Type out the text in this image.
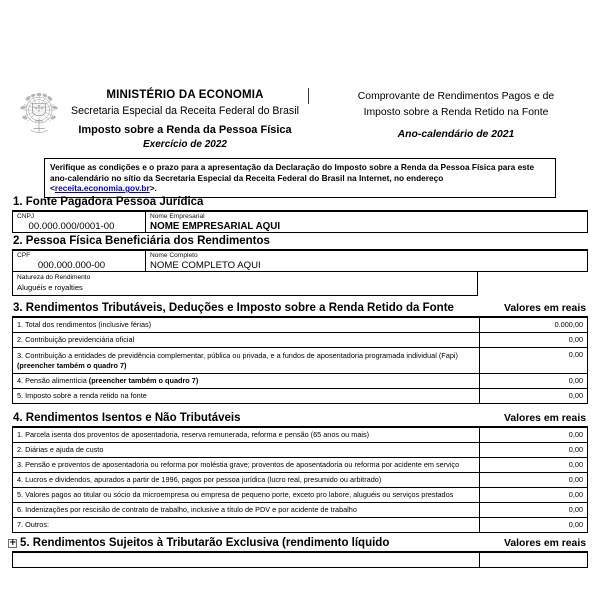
MINISTÉRIO DA ECONOMIA
Secretaria Especial da Receita Federal do Brasil
Imposto sobre a Renda da Pessoa Física
Exercício de 2022
Comprovante de Rendimentos Pagos e de
Imposto sobre a Renda Retido na Fonte
Ano-calendário de 2021
Verifique as condições e o prazo para a apresentação da Declaração do Imposto sobre a Renda da Pessoa Física para este ano-calendário no sítio da Secretaria Especial da Receita Federal do Brasil na Internet, no endereço <receita.economia.gov.br>.
1. Fonte Pagadora Pessoa Jurídica
CNPJ
00.000.000/0001-00
Nome Empresarial
NOME EMPRESARIAL AQUI
2. Pessoa Física Beneficiária dos Rendimentos
CPF
000.000.000-00
Nome Completo
NOME COMPLETO AQUI
Natureza do Rendimento
Aluguéis e royalties
3. Rendimentos Tributáveis, Deduções e Imposto sobre a Renda Retido da Fonte	Valores em reais
1. Total dos rendimentos (inclusive férias)	0.000,00
2. Contribuição previdenciária oficial	0,00
3. Contribuição a entidades de previdência complementar, pública ou privada, e a fundos de aposentadoria programada individual (Fapi)
(preencher também o quadro 7)	0,00
4. Pensão alimentícia (preencher também o quadro 7)	0,00
5. Imposto sobre a renda retido na fonte	0,00
4. Rendimentos Isentos e Não Tributáveis	Valores em reais
1. Parcela isenta dos proventos de aposentadoria, reserva remunerada, reforma e pensão (65 anos ou mais)	0,00
2. Diárias e ajuda de custo	0,00
3. Pensão e proventos de aposentadoria ou reforma por moléstia grave; proventos de aposentadoria ou reforma por acidente em serviço	0,00
4. Lucros e dividendos, apurados a partir de 1996, pagos por pessoa jurídica (lucro real, presumido ou arbitrado)	0,00
5. Valores pagos ao titular ou sócio da microempresa ou empresa de pequeno porte, exceto pro labore, aluguéis ou serviços prestados	0,00
6. Indenizações por rescisão de contrato de trabalho, inclusive a título de PDV e por acidente de trabalho	0,00
7. Outros:	0,00
+ 5. Rendimentos Sujeitos à Tributarão Exclusiva (rendimento líquido	Valores em reais
